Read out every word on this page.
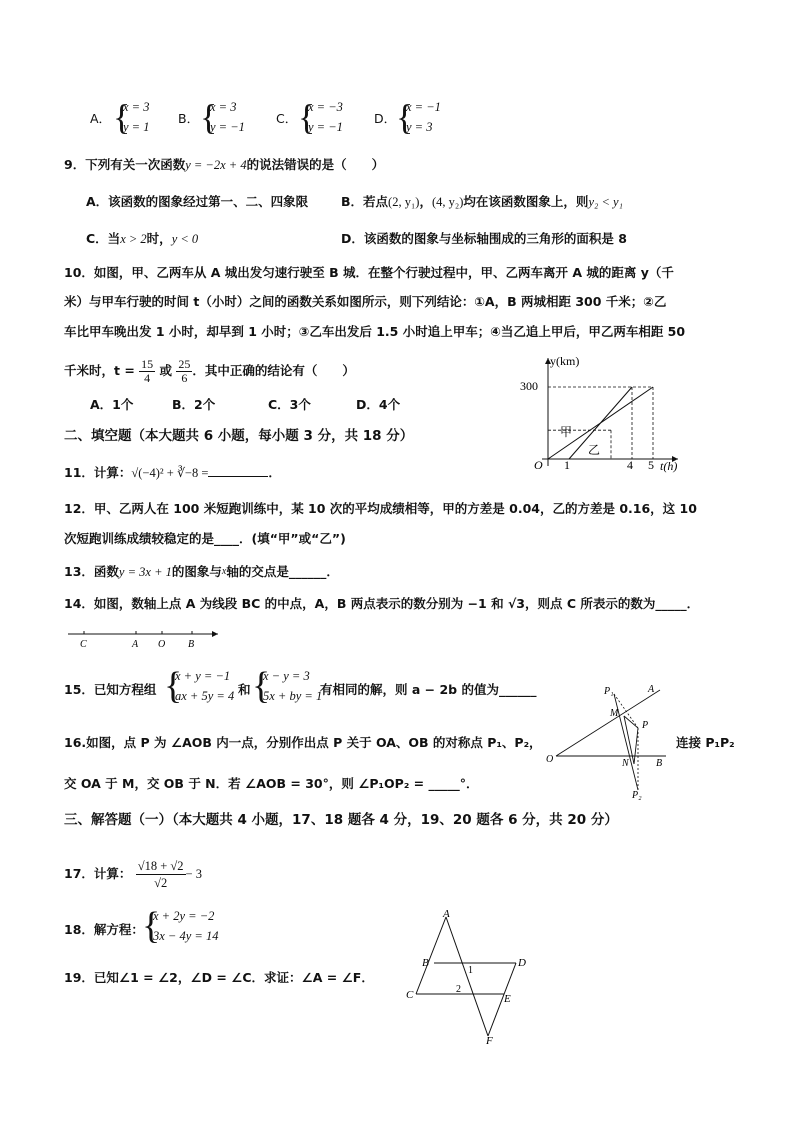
A． {
x = 3
y = 1
B． {
x = 3
y = −1
C． {
x = −3
y = −1
D． {
x = −1
y = 3
9．下列有关一次函数y = −2x + 4的说法错误的是（　　）
A．该函数的图象经过第一、二、四象限	B．若点(2, y₁)，(4, y₂)均在该函数图象上，则y₂ < y₁
C．当x > 2时，y < 0	D．该函数的图象与坐标轴围成的三角形的面积是 8
10．如图，甲、乙两车从 A 城出发匀速行驶至 B 城．在整个行驶过程中，甲、乙两车离开 A 城的距离 y（千
米）与甲车行驶的时间 t（小时）之间的函数关系如图所示，则下列结论：①A，B 两城相距 300 千米；②乙
车比甲车晚出发 1 小时，却早到 1 小时；③乙车出发后 1.5 小时追上甲车；④当乙追上甲后，甲乙两车相距 50
千米时，$t = \frac{15}{4}$ 或 $\frac{25}{6}$ ．其中正确的结论有（　　）
A．1个	B．2个	C．3个	D．4个
y(km)
t(h)
O
300
1	4 5
甲
乙
二、填空题（本大题共 6 小题，每小题 3 分，共 18 分）
11．计算：√(−4)² + ∛−8 =	．
12．甲、乙两人在 100 米短跑训练中，某 10 次的平均成绩相等，甲的方差是 0.04，乙的方差是 0.16，这 10
次短跑训练成绩较稳定的是____．(填“甲”或“乙”)
13．函数y = 3x + 1的图象与$^x$轴的交点是______．
14．如图，数轴上点 A 为线段 BC 的中点，A，B 两点表示的数分别为 −1 和 √3，则点 C 所表示的数为_____．
C	A O B
15．已知方程组 {
x + y = −1
ax + 5y = 4 和 {
x − y = 3
5x + by = 1
有相同的解，则 a − 2b 的值为______
16.如图，点 P 为 ∠AOB 内一点，分别作出点 P 关于 OA、OB 的对称点 P₁、P₂，	连接 P₁P₂
交 OA 于 M，交 OB 于 N．若 ∠AOB = 30°，则 ∠P₁OP₂ = _____°．
P₁	A
M
P
O	N	B
P₂
三、解答题（一）（本大题共 4 小题，17、18 题各 4 分，19、20 题各 6 分，共 20 分）
17．计算： $\frac{√18 + √2}{√2} - 3$
18．解方程：
{
x + 2y = −2
3x − 4y = 14
19．已知∠1 = ∠2，∠D = ∠C．求证：∠A = ∠F．
A
B	D
C	E
F
1
2
